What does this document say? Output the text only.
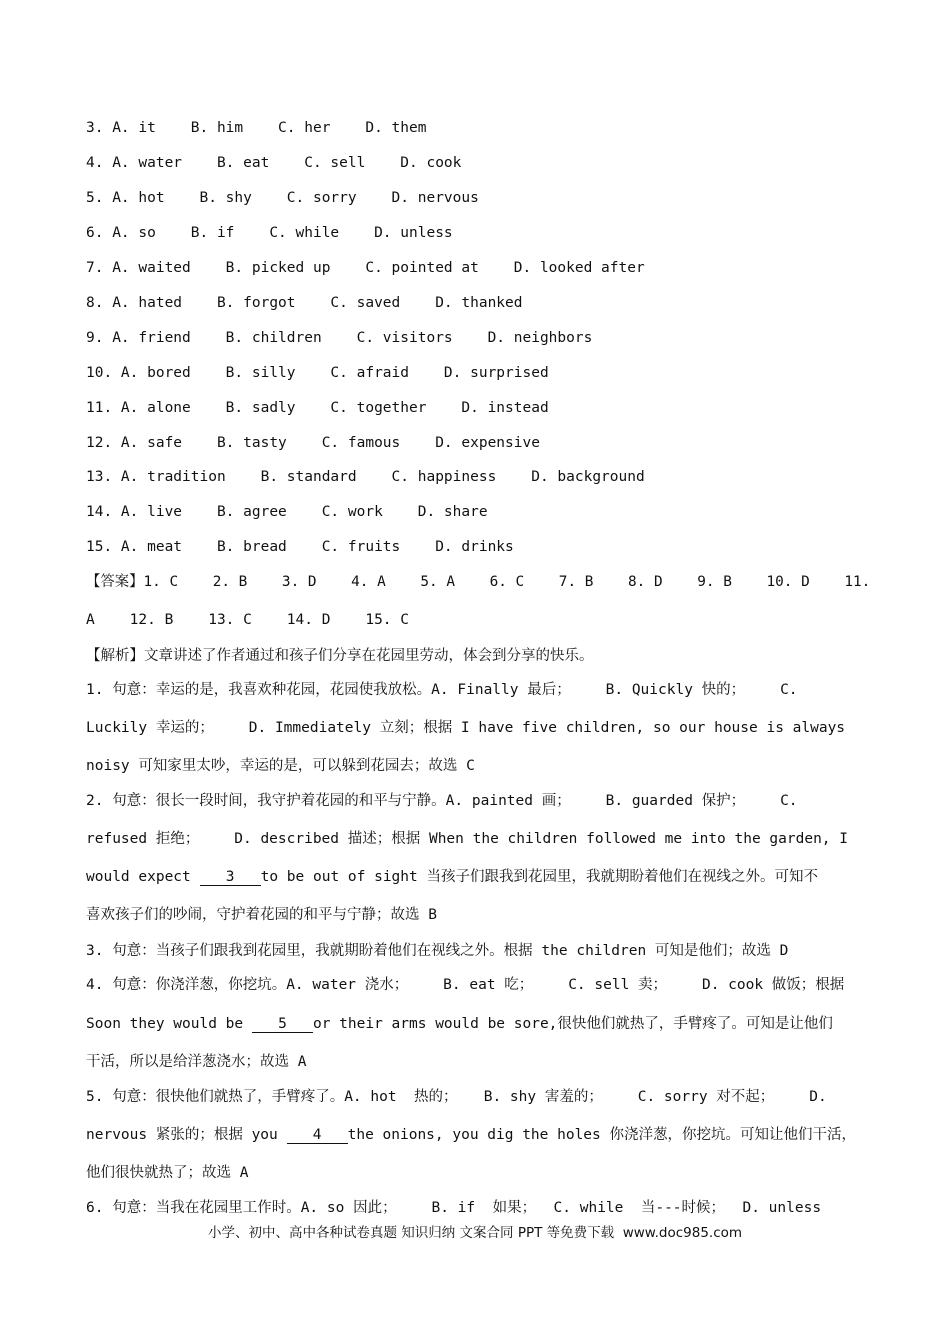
3. A. it    B. him    C. her    D. them
4. A. water    B. eat    C. sell    D. cook
5. A. hot    B. shy    C. sorry    D. nervous
6. A. so    B. if    C. while    D. unless
7. A. waited    B. picked up    C. pointed at    D. looked after
8. A. hated    B. forgot    C. saved    D. thanked
9. A. friend    B. children    C. visitors    D. neighbors
10. A. bored    B. silly    C. afraid    D. surprised
11. A. alone    B. sadly    C. together    D. instead
12. A. safe    B. tasty    C. famous    D. expensive
13. A. tradition    B. standard    C. happiness    D. background
14. A. live    B. agree    C. work    D. share
15. A. meat    B. bread    C. fruits    D. drinks
【答案】1. C    2. B    3. D    4. A    5. A    6. C    7. B    8. D    9. B    10. D    11.
A    12. B    13. C    14. D    15. C
【解析】文章讲述了作者通过和孩子们分享在花园里劳动，体会到分享的快乐。
1. 句意：幸运的是，我喜欢种花园，花园使我放松。A. Finally 最后；    B. Quickly 快的；    C.
Luckily 幸运的；    D. Immediately 立刻；根据 I have five children, so our house is always
noisy 可知家里太吵，幸运的是，可以躲到花园去；故选 C
2. 句意：很长一段时间，我守护着花园的和平与宁静。A. painted 画；    B. guarded 保护；    C.
refused 拒绝；    D. described 描述；根据 When the children followed me into the garden, I
would expect    3   to be out of sight 当孩子们跟我到花园里，我就期盼着他们在视线之外。可知不
喜欢孩子们的吵闹，守护着花园的和平与宁静；故选 B
3. 句意：当孩子们跟我到花园里，我就期盼着他们在视线之外。根据 the children 可知是他们；故选 D
4. 句意：你浇洋葱，你挖坑。A. water 浇水；    B. eat 吃；    C. sell 卖；    D. cook 做饭；根据
Soon they would be    5   or their arms would be sore,很快他们就热了，手臂疼了。可知是让他们
干活，所以是给洋葱浇水；故选 A
5. 句意：很快他们就热了，手臂疼了。A. hot  热的；   B. shy 害羞的；    C. sorry 对不起；    D.
nervous 紧张的；根据 you    4   the onions, you dig the holes 你浇洋葱，你挖坑。可知让他们干活，
他们很快就热了；故选 A
6. 句意：当我在花园里工作时。A. so 因此；    B. if  如果；  C. while  当---时候；  D. unless
小学、初中、高中各种试卷真题 知识归纳 文案合同 PPT 等免费下载  www.doc985.com
